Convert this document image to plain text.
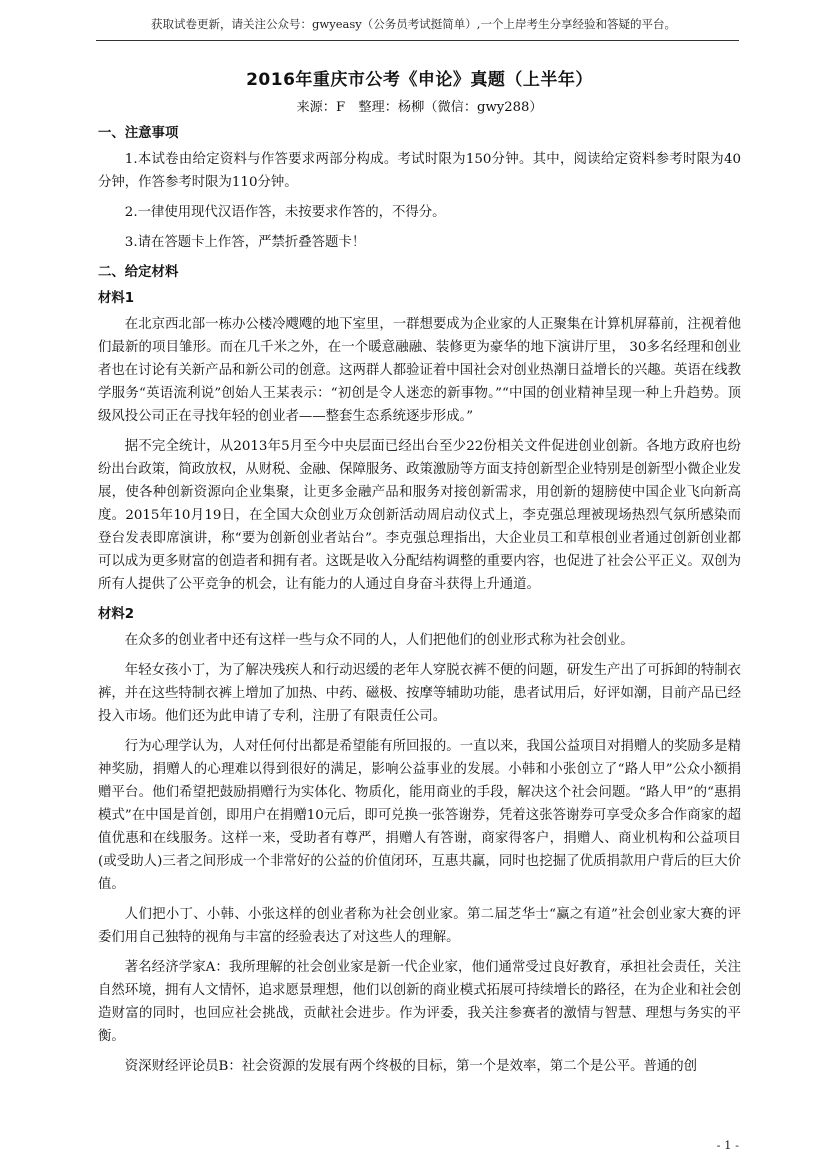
获取试卷更新，请关注公众号：gwyeasy（公务员考试挺简单）,一个上岸考生分享经验和答疑的平台。
2016年重庆市公考《申论》真题（上半年）
来源：F　整理：杨柳（微信：gwy288）
一、注意事项

1.本试卷由给定资料与作答要求两部分构成。考试时限为150分钟。其中，阅读给定资料参考时限为40分钟，作答参考时限为110分钟。

2.一律使用现代汉语作答，未按要求作答的，不得分。

3.请在答题卡上作答，严禁折叠答题卡！

二、给定材料
材料1

在北京西北部一栋办公楼冷飕飕的地下室里，一群想要成为企业家的人正聚集在计算机屏幕前，注视着他们最新的项目雏形。而在几千米之外，在一个暖意融融、装修更为豪华的地下演讲厅里， 30多名经理和创业者也在讨论有关新产品和新公司的创意。这两群人都验证着中国社会对创业热潮日益增长的兴趣。英语在线教学服务“英语流利说”创始人王某表示：“初创是令人迷恋的新事物。”“中国的创业精神呈现一种上升趋势。顶级风投公司正在寻找年轻的创业者——整套生态系统逐步形成。”

据不完全统计，从2013年5月至今中央层面已经出台至少22份相关文件促进创业创新。各地方政府也纷纷出台政策，简政放权，从财税、金融、保障服务、政策激励等方面支持创新型企业特别是创新型小微企业发展，使各种创新资源向企业集聚，让更多金融产品和服务对接创新需求，用创新的翅膀使中国企业飞向新高度。2015年10月19日，在全国大众创业万众创新活动周启动仪式上，李克强总理被现场热烈气氛所感染而登台发表即席演讲，称“要为创新创业者站台”。李克强总理指出，大企业员工和草根创业者通过创新创业都可以成为更多财富的创造者和拥有者。这既是收入分配结构调整的重要内容，也促进了社会公平正义。双创为所有人提供了公平竞争的机会，让有能力的人通过自身奋斗获得上升通道。

材料2

在众多的创业者中还有这样一些与众不同的人，人们把他们的创业形式称为社会创业。

年轻女孩小丁，为了解决残疾人和行动迟缓的老年人穿脱衣裤不便的问题，研发生产出了可拆卸的特制衣裤，并在这些特制衣裤上增加了加热、中药、磁极、按摩等辅助功能，患者试用后，好评如潮，目前产品已经投入市场。他们还为此申请了专利，注册了有限责任公司。

行为心理学认为，人对任何付出都是希望能有所回报的。一直以来，我国公益项目对捐赠人的奖励多是精神奖励，捐赠人的心理难以得到很好的满足，影响公益事业的发展。小韩和小张创立了“路人甲”公众小额捐赠平台。他们希望把鼓励捐赠行为实体化、物质化，能用商业的手段，解决这个社会问题。“路人甲”的“惠捐模式”在中国是首创，即用户在捐赠10元后，即可兑换一张答谢券，凭着这张答谢券可享受众多合作商家的超值优惠和在线服务。这样一来，受助者有尊严，捐赠人有答谢，商家得客户，捐赠人、商业机构和公益项目(或受助人)三者之间形成一个非常好的公益的价值闭环，互惠共赢，同时也挖掘了优质捐款用户背后的巨大价值。

人们把小丁、小韩、小张这样的创业者称为社会创业家。第二届芝华士“赢之有道”社会创业家大赛的评委们用自己独特的视角与丰富的经验表达了对这些人的理解。

著名经济学家A：我所理解的社会创业家是新一代企业家，他们通常受过良好教育，承担社会责任，关注自然环境，拥有人文情怀，追求愿景理想，他们以创新的商业模式拓展可持续增长的路径，在为企业和社会创造财富的同时，也回应社会挑战，贡献社会进步。作为评委，我关注参赛者的激情与智慧、理想与务实的平衡。

资深财经评论员B：社会资源的发展有两个终极的目标，第一个是效率，第二个是公平。普通的创

- 1 -
